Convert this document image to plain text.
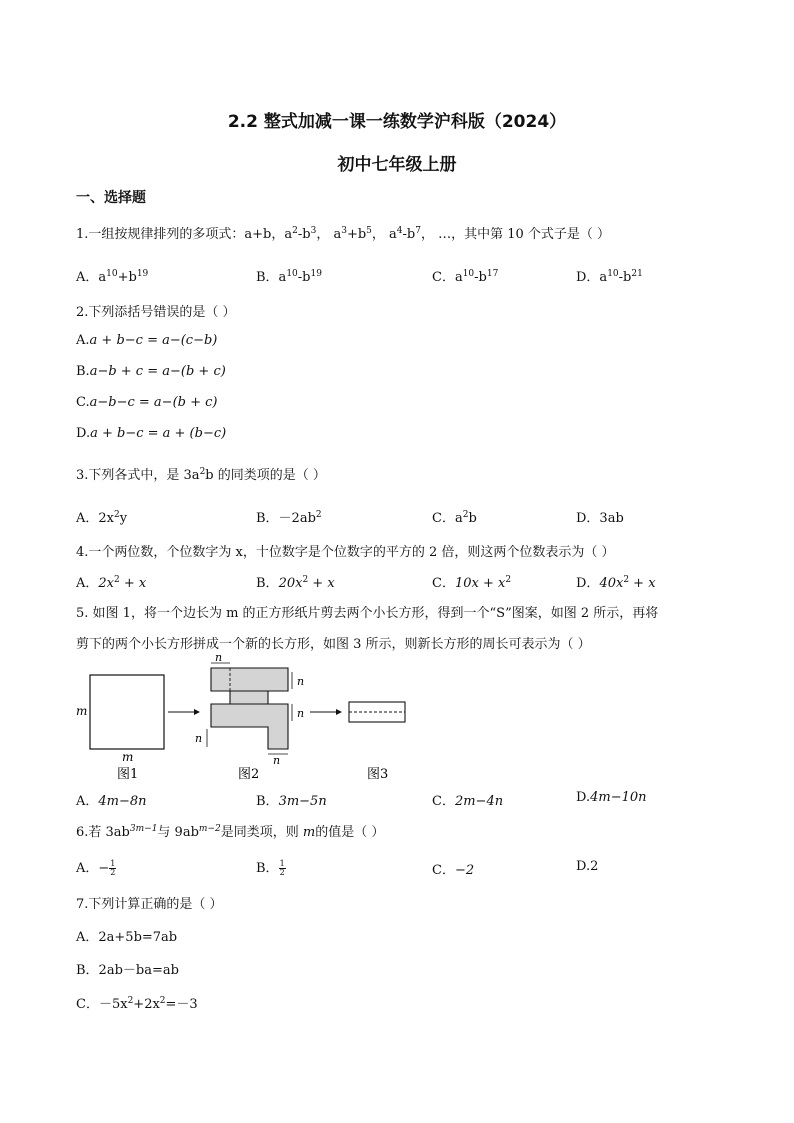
2.2 整式加减一课一练数学沪科版（2024）
初中七年级上册
一、选择题
1.一组按规律排列的多项式：a+b，$a^2-b^3$， $a^3+b^5$， $a^4-b^7$， …，其中第 10 个式子是（ ）
A．$a^{10}+b^{19}$	B．$a^{10}-b^{19}$	C．$a^{10}-b^{17}$	D．$a^{10}-b^{21}$
2.下列添括号错误的是（ ）
A.a + b−c = a−(c−b)
B.a−b + c = a−(b + c)
C.a−b−c = a−(b + c)
D.a + b−c = a + (b−c)
3.下列各式中，是 $3a^2b$ 的同类项的是（ ）
A．$2x^2y$	B．$-2ab^2$	C．$a^2b$	D．3ab
4.一个两位数，个位数字为 x，十位数字是个位数字的平方的 2 倍，则这两个位数表示为（ ）
A．$2x^2 + x$	B．$20x^2 + x$	C．$10x + x^2$	D．$40x^2 + x$
5. 如图 1，将一个边长为 m 的正方形纸片剪去两个小长方形，得到一个“S”图案，如图 2 所示，再将
剪下的两个小长方形拼成一个新的长方形，如图 3 所示，则新长方形的周长可表示为（ ）
m
m
图1
n
n
n
n
n
图2	图3
A．4m−8n	B．3m−5n	C．2m−4n	D.4m−10n
6.若 $3ab^{3m-1}$与 $9ab^{m-2}$是同类项，则 m的值是（ ）
A．− $\frac{1}{2}$	B． $\frac{1}{2}$	C．−2	D.2
7.下列计算正确的是（ ）
A．2a+5b=7ab
B．2ab－ba=ab
C．$-5x^2+2x^2=-3$
